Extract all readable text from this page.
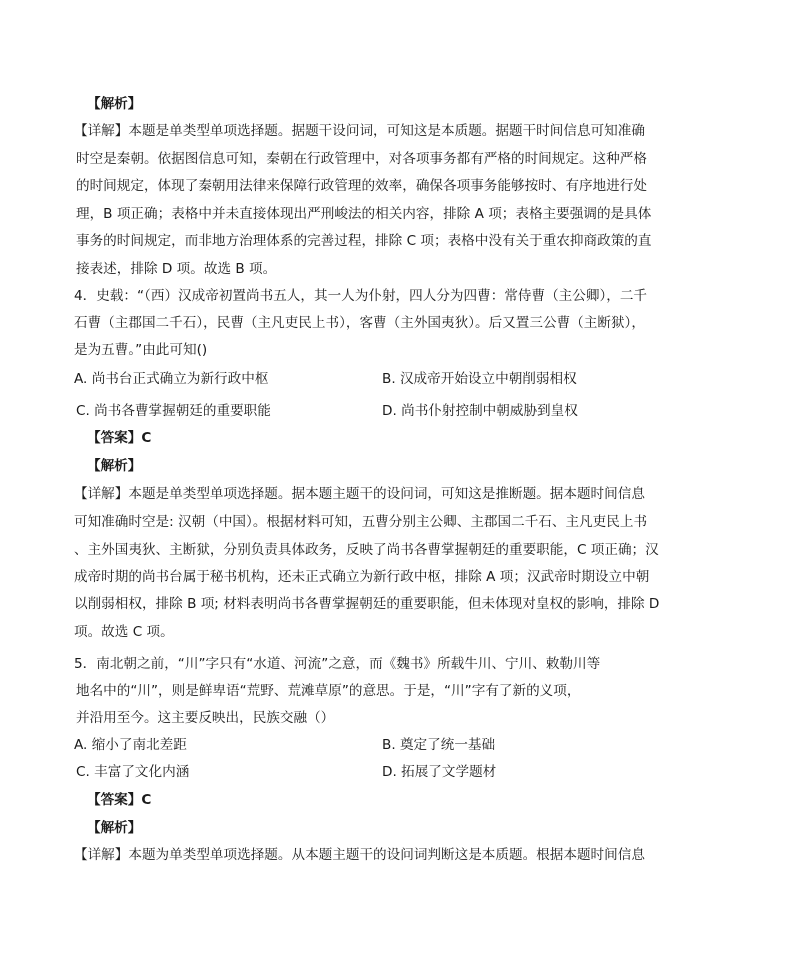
【解析】
【详解】本题是单类型单项选择题。据题干设问词，可知这是本质题。据题干时间信息可知准确
时空是秦朝。依据图信息可知，秦朝在行政管理中，对各项事务都有严格的时间规定。这种严格
的时间规定，体现了秦朝用法律来保障行政管理的效率，确保各项事务能够按时、有序地进行处
理，B 项正确；表格中并未直接体现出严刑峻法的相关内容，排除 A 项；表格主要强调的是具体
事务的时间规定，而非地方治理体系的完善过程，排除 C 项；表格中没有关于重农抑商政策的直
接表述，排除 D 项。故选 B 项。
4．史载：“（西）汉成帝初置尚书五人，其一人为仆射，四人分为四曹：常侍曹（主公卿），二千
石曹（主郡国二千石），民曹（主凡吏民上书），客曹（主外国夷狄）。后又置三公曹（主断狱），
是为五曹。”由此可知()
A. 尚书台正式确立为新行政中枢	B. 汉成帝开始设立中朝削弱相权
C. 尚书各曹掌握朝廷的重要职能	D. 尚书仆射控制中朝威胁到皇权
【答案】C
【解析】
【详解】本题是单类型单项选择题。据本题主题干的设问词，可知这是推断题。据本题时间信息
可知准确时空是: 汉朝（中国）。根据材料可知，五曹分别主公卿、主郡国二千石、主凡吏民上书
、主外国夷狄、主断狱，分别负责具体政务，反映了尚书各曹掌握朝廷的重要职能，C 项正确；汉
成帝时期的尚书台属于秘书机构，还未正式确立为新行政中枢，排除 A 项；汉武帝时期设立中朝
以削弱相权，排除 B 项; 材料表明尚书各曹掌握朝廷的重要职能，但未体现对皇权的影响，排除 D
项。故选 C 项。
5．南北朝之前，“川”字只有“水道、河流”之意，而《魏书》所载牛川、宁川、敕勒川等
地名中的“川”，则是鲜卑语“荒野、荒滩草原”的意思。于是，“川”字有了新的义项，
并沿用至今。这主要反映出，民族交融（）
A. 缩小了南北差距	B. 奠定了统一基础
C. 丰富了文化内涵	D. 拓展了文学题材
【答案】C
【解析】
【详解】本题为单类型单项选择题。从本题主题干的设问词判断这是本质题。根据本题时间信息
